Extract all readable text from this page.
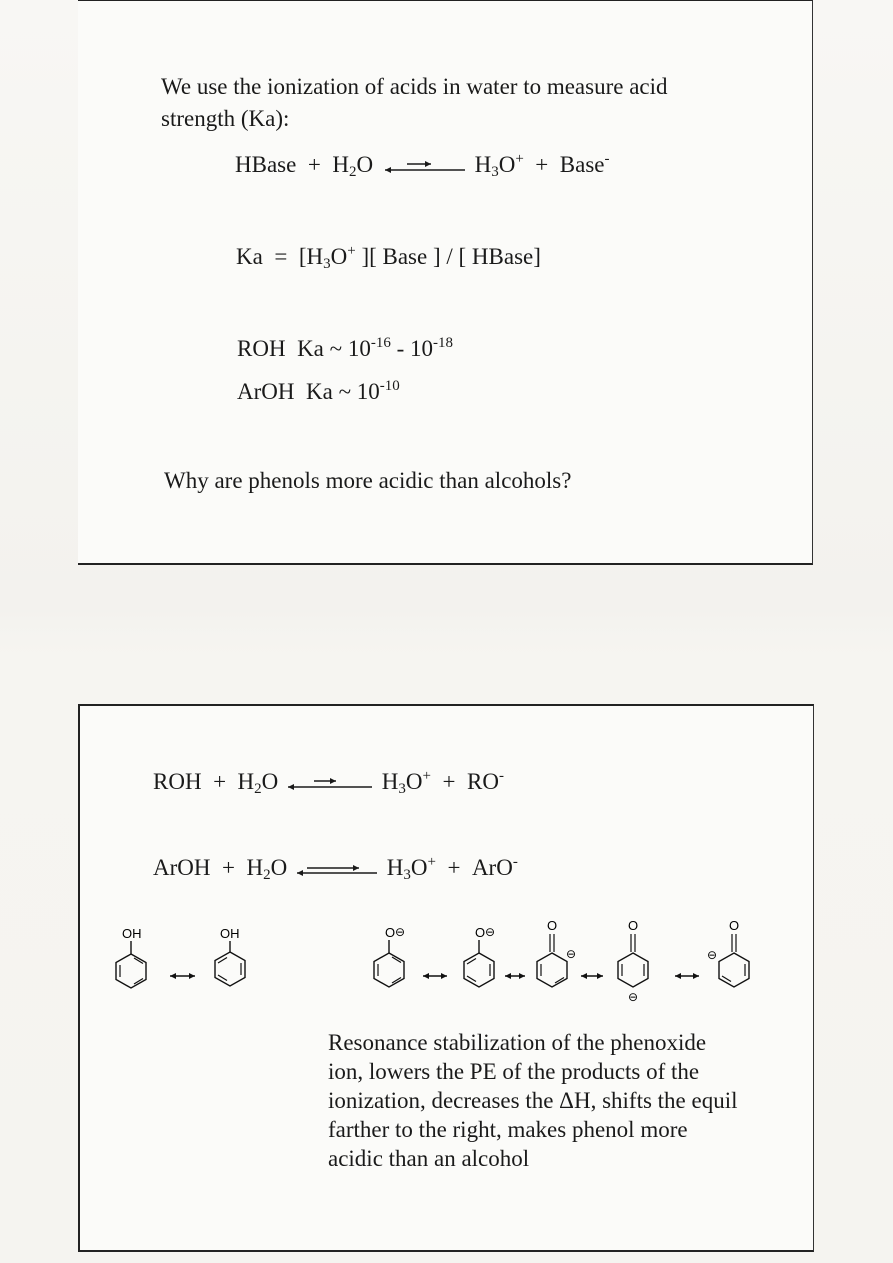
We use the ionization of acids in water to measure acid
strength (Ka):
HBase + $H_2O$	$H_3O^+$ + Base-
$Ka = [H_3O^+$ ][ Base ] / [ HBase]
ROH Ka ~ $10^{-16} - 10^{-18}$
ArOH Ka ~ $10^{-10}$
Why are phenols more acidic than alcohols?
ROH + $H_2O$	$H_3O^+ + RO^-$
ArOH + $H_2O$ ⇌ $H_3O^+ + ArO^-$
OH	OH	O ⊖	O ⊖	O
⊖
O
⊖
O
⊖
Resonance stabilization of the phenoxide
ion, lowers the PE of the products of the
ionization, decreases the ΔH, shifts the equil
farther to the right, makes phenol more
acidic than an alcohol
